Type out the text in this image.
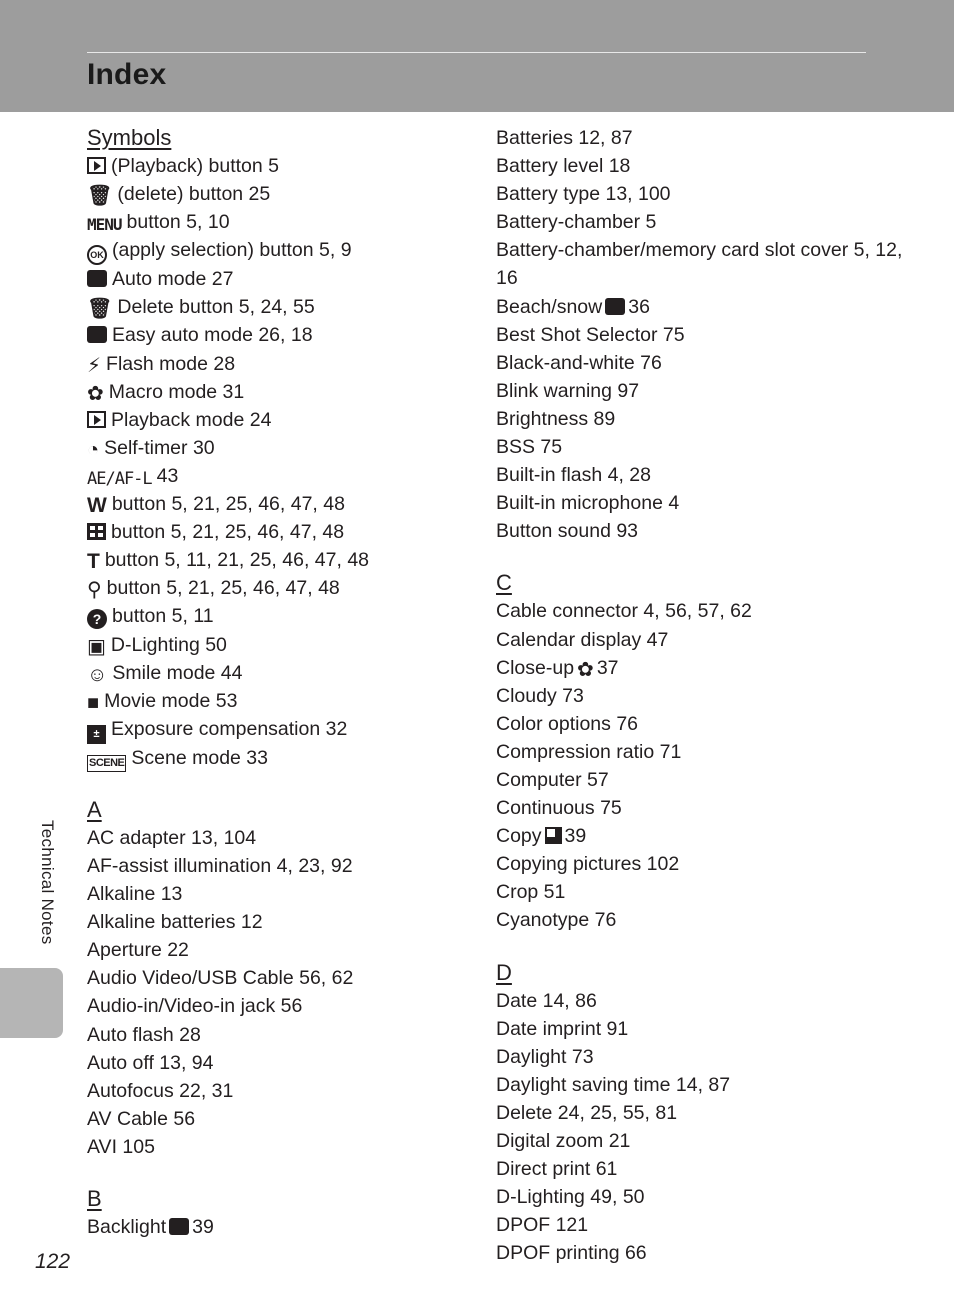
Index
Symbols
(Playback) button 5
🗑 (delete) button 25
MENU button 5, 10
OK (apply selection) button 5, 9
Auto mode 27
🗑 Delete button 5, 24, 55
Easy auto mode 26, 18
⚡ Flash mode 28
✿ Macro mode 31
Playback mode 24
◔ Self-timer 30
AE/AF-L 43
W button 5, 21, 25, 46, 47, 48
button 5, 21, 25, 46, 47, 48
T button 5, 11, 21, 25, 46, 47, 48
⚲ button 5, 21, 25, 46, 47, 48
? button 5, 11
▣ D-Lighting 50
☺ Smile mode 44
■ Movie mode 53
± Exposure compensation 32
SCENE Scene mode 33
A
AC adapter 13, 104
AF-assist illumination 4, 23, 92
Alkaline 13
Alkaline batteries 12
Aperture 22
Audio Video/USB Cable 56, 62
Audio-in/Video-in jack 56
Auto flash 28
Auto off 13, 94
Autofocus 22, 31
AV Cable 56
AVI 105
B
Backlight 39
Batteries 12, 87
Battery level 18
Battery type 13, 100
Battery-chamber 5
Battery-chamber/memory card slot cover 5, 12, 16
Beach/snow 36
Best Shot Selector 75
Black-and-white 76
Blink warning 97
Brightness 89
BSS 75
Built-in flash 4, 28
Built-in microphone 4
Button sound 93
C
Cable connector 4, 56, 57, 62
Calendar display 47
Close-up ✿ 37
Cloudy 73
Color options 76
Compression ratio 71
Computer 57
Continuous 75
Copy 39
Copying pictures 102
Crop 51
Cyanotype 76
D
Date 14, 86
Date imprint 91
Daylight 73
Daylight saving time 14, 87
Delete 24, 25, 55, 81
Digital zoom 21
Direct print 61
D-Lighting 49, 50
DPOF 121
DPOF printing 66
Technical Notes
122
